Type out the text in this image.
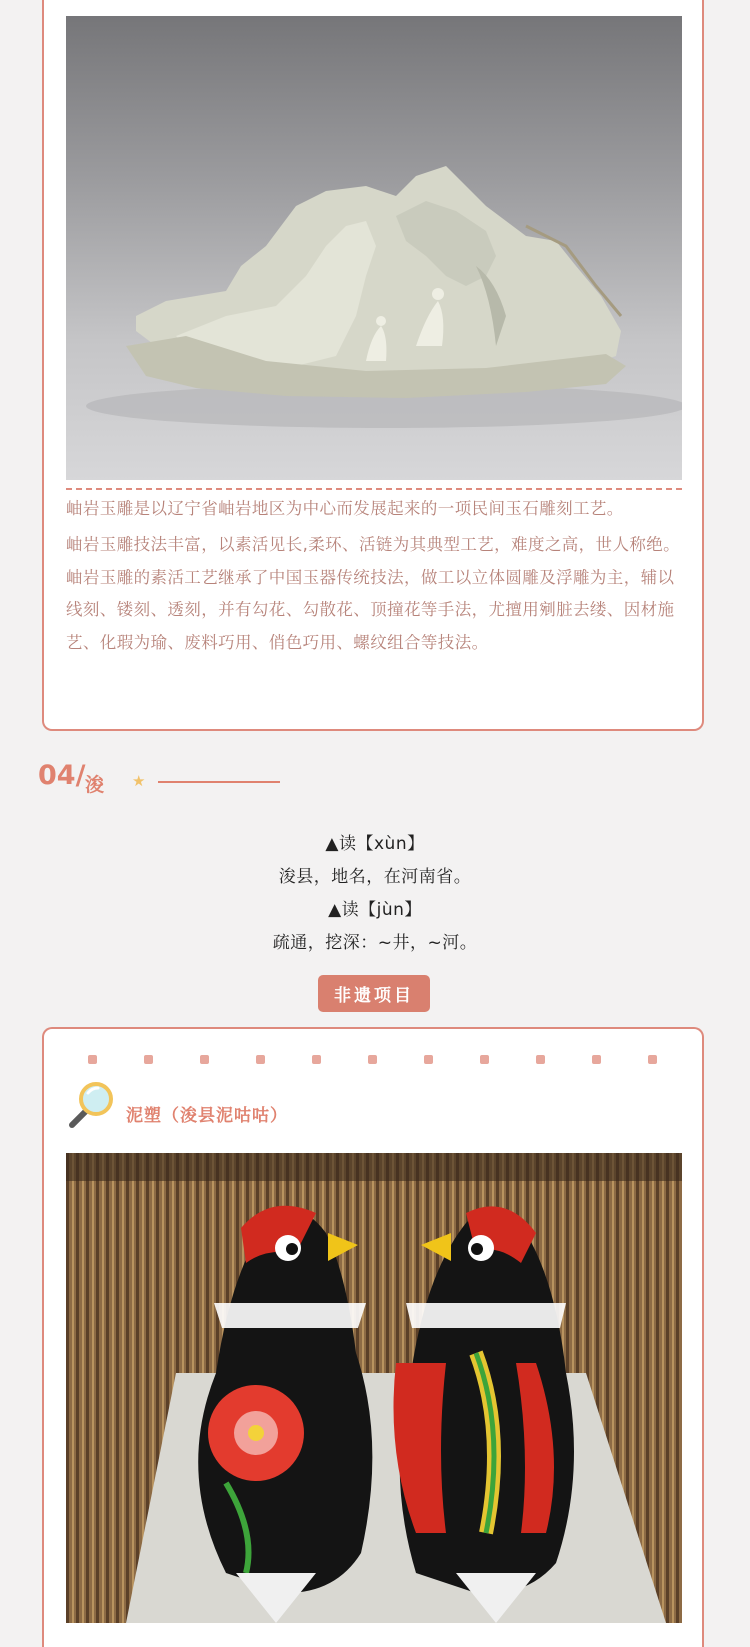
岫岩玉雕是以辽宁省岫岩地区为中心而发展起来的一项民间玉石雕刻工艺。

岫岩玉雕技法丰富，以素活见长,柔环、活链为其典型工艺，难度之高，世人称绝。岫岩玉雕的素活工艺继承了中国玉器传统技法，做工以立体圆雕及浮雕为主，辅以线刻、镂刻、透刻，并有勾花、勾散花、顶撞花等手法，尤擅用剜脏去缕、因材施艺、化瑕为瑜、废料巧用、俏色巧用、螺纹组合等技法。

04/ 浚 ★

▲读【xùn】

浚县，地名，在河南省。

▲读【jùn】

疏通，挖深：~井，~河。

非遗项目
泥塑（浚县泥咕咕）
